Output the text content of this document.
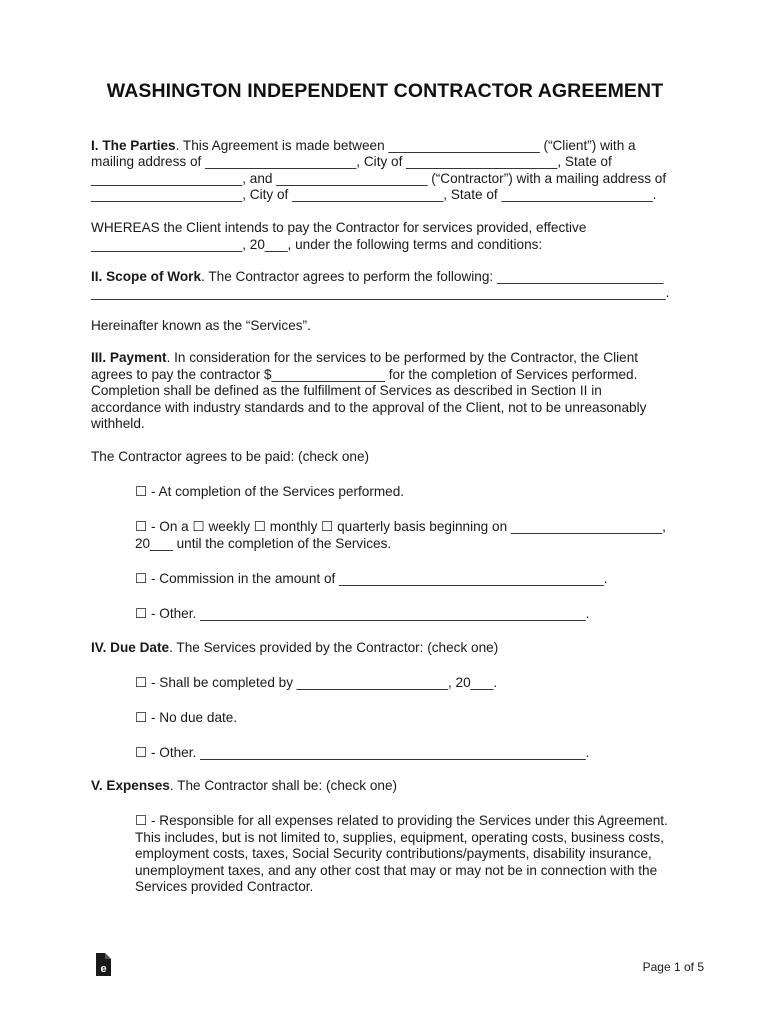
WASHINGTON INDEPENDENT CONTRACTOR AGREEMENT
I. The Parties. This Agreement is made between ____________________ (“Client”) with a
mailing address of ____________________, City of ____________________, State of
____________________, and ____________________ (“Contractor”) with a mailing address of
____________________, City of ____________________, State of ____________________.
WHEREAS the Client intends to pay the Contractor for services provided, effective
____________________, 20___, under the following terms and conditions:
II. Scope of Work. The Contractor agrees to perform the following: ______________________
____________________________________________________________________________.
Hereinafter known as the “Services”.
III. Payment. In consideration for the services to be performed by the Contractor, the Client
agrees to pay the contractor $_______________ for the completion of Services performed.
Completion shall be defined as the fulfillment of Services as described in Section II in
accordance with industry standards and to the approval of the Client, not to be unreasonably
withheld.
The Contractor agrees to be paid: (check one)
☐ - At completion of the Services performed.
☐ - On a ☐ weekly ☐ monthly ☐ quarterly basis beginning on ____________________,
20___ until the completion of the Services.
☐ - Commission in the amount of ___________________________________.
☐ - Other. ___________________________________________________.
IV. Due Date. The Services provided by the Contractor: (check one)
☐ - Shall be completed by ____________________, 20___.
☐ - No due date.
☐ - Other. ___________________________________________________.
V. Expenses. The Contractor shall be: (check one)
☐ - Responsible for all expenses related to providing the Services under this Agreement.
This includes, but is not limited to, supplies, equipment, operating costs, business costs,
employment costs, taxes, Social Security contributions/payments, disability insurance,
unemployment taxes, and any other cost that may or may not be in connection with the
Services provided Contractor.
e	Page 1 of 5
